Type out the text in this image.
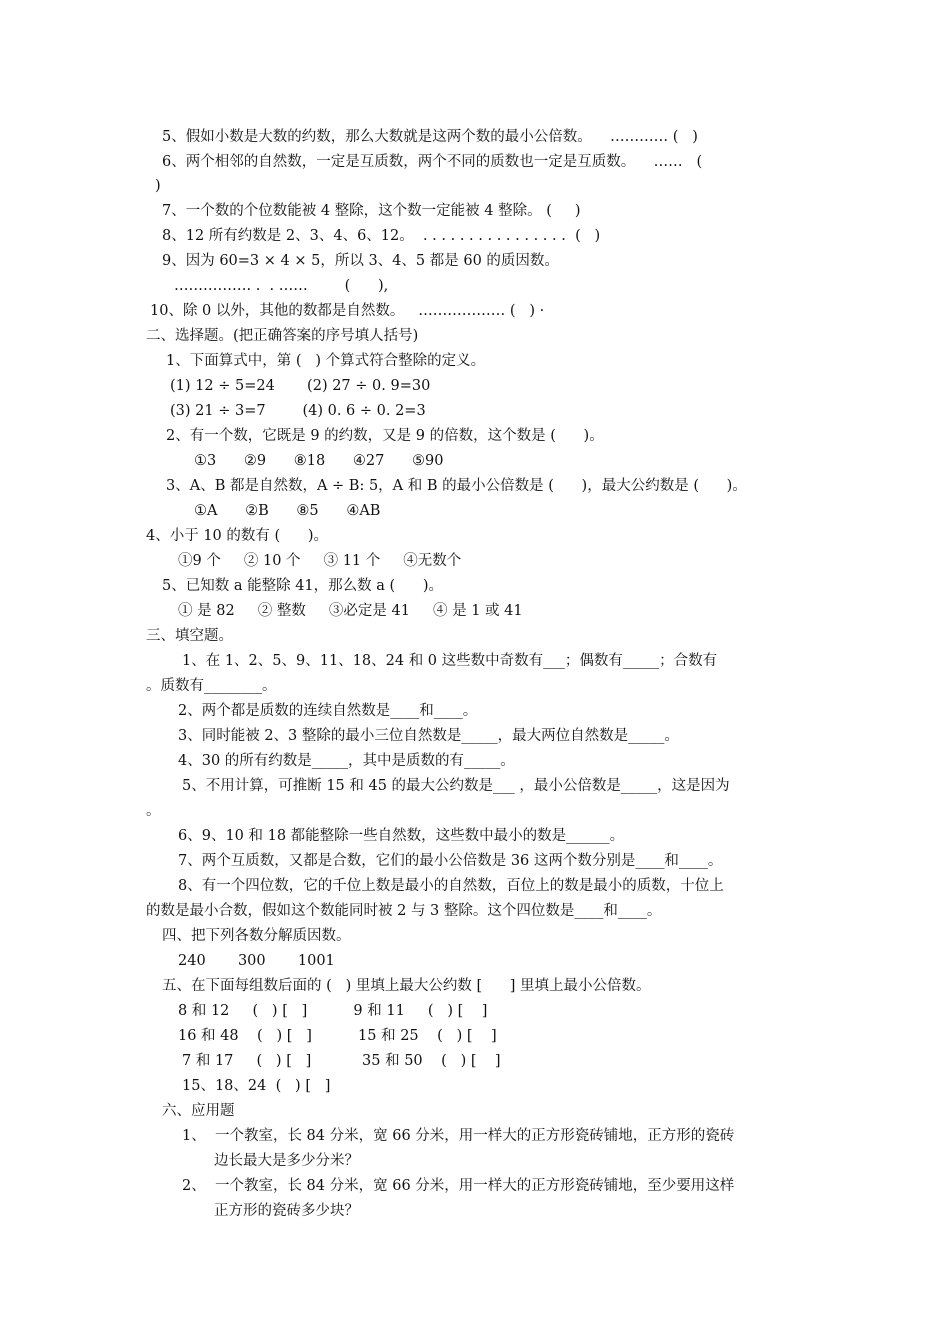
5、假如小数是大数的约数，那么大数就是这两个数的最小公倍数。    ………… (   )
6、两个相邻的自然数，一定是互质数，两个不同的质数也一定是互质数。    ……   (
)
7、一个数的个位数能被 4 整除，这个数一定能被 4 整除。 (     )
8、12 所有约数是 2、3、4、6、12。  . . . . . . . . . . . . . . . .  (   )
9、因为 60=3 × 4 × 5，所以 3、4、5 都是 60 的质因数。
……………. .  . ……        (      ),
10、除 0 以外，其他的数都是自然数。   ……………… (   ) ·
二、选择题。(把正确答案的序号填人括号)
1、下面算式中，第 (   ) 个算式符合整除的定义。
(1) 12 ÷ 5=24       (2) 27 ÷ 0. 9=30
(3) 21 ÷ 3=7        (4) 0. 6 ÷ 0. 2=3
2、有一个数，它既是 9 的约数，又是 9 的倍数，这个数是 (      )。
①3      ②9      ⑧18      ④27      ⑤90
3、A、B 都是自然数，A ÷ B: 5，A 和 B 的最小公倍数是 (      )，最大公约数是 (      )。
①A      ②B      ⑧5      ④AB
4、小于 10 的数有 (      )。
①9 个     ② 10 个     ③ 11 个     ④无数个
5、已知数 a 能整除 41，那么数 a (      )。
① 是 82     ② 整数     ③必定是 41     ④ 是 1 或 41
三、填空题。
1、在 1、2、5、9、11、18、24 和 0 这些数中奇数有___；偶数有_____；合数有
。质数有________。
2、两个都是质数的连续自然数是____和____。
3、同时能被 2、3 整除的最小三位自然数是_____，最大两位自然数是_____。
4、30 的所有约数是_____，其中是质数的有_____。
5、不用计算，可推断 15 和 45 的最大公约数是___ ，最小公倍数是_____，这是因为
。
6、9、10 和 18 都能整除一些自然数，这些数中最小的数是______。
7、两个互质数，又都是合数，它们的最小公倍数是 36 这两个数分别是____和____。
8、有一个四位数，它的千位上数是最小的自然数，百位上的数是最小的质数，十位上
的数是最小合数，假如这个数能同时被 2 与 3 整除。这个四位数是____和____。
四、把下列各数分解质因数。
240       300       1001
五、在下面每组数后面的 (   ) 里填上最大公约数 [      ] 里填上最小公倍数。
8 和 12     (   ) [   ]          9 和 11     (   ) [    ]
16 和 48    (   ) [   ]          15 和 25    (   ) [    ]
7 和 17     (   ) [   ]           35 和 50    (   ) [    ]
15、18、24  (   ) [   ]
六、应用题
1、  一个教室，长 84 分米，宽 66 分米，用一样大的正方形瓷砖铺地，正方形的瓷砖
边长最大是多少分米？
2、  一个教室，长 84 分米，宽 66 分米，用一样大的正方形瓷砖铺地，至少要用这样
正方形的瓷砖多少块？
